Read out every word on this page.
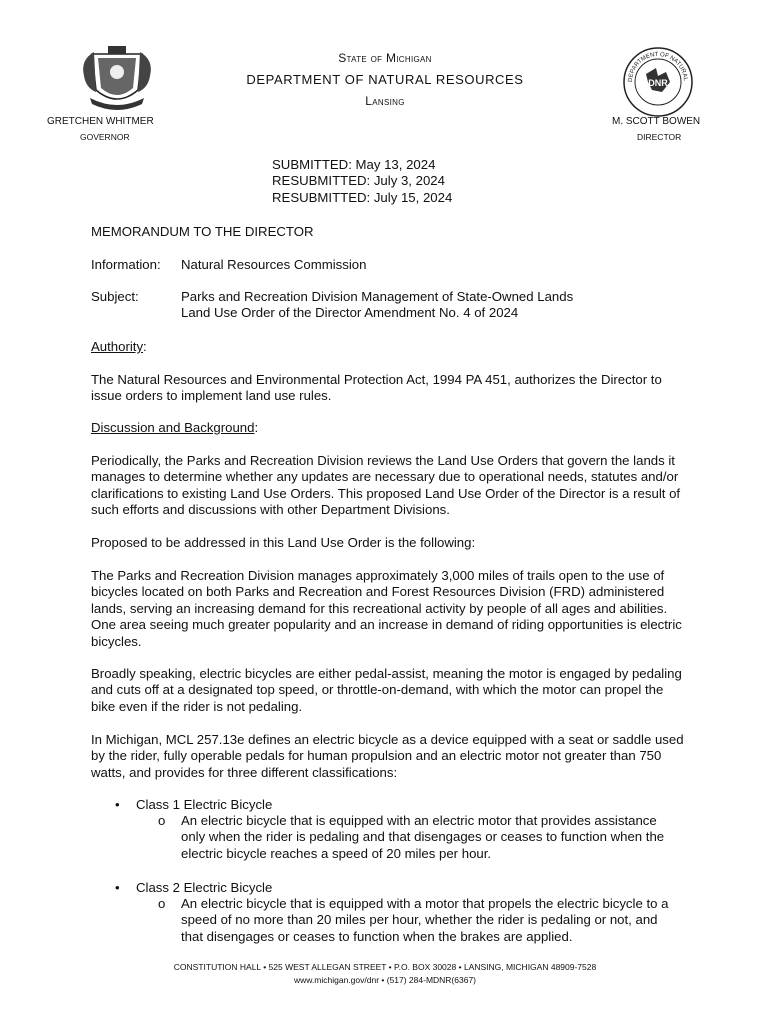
DEPARTMENT OF NATURAL
DNR
State of Michigan
DEPARTMENT OF NATURAL RESOURCES
Lansing
GRETCHEN WHITMER
GOVERNOR
M. SCOTT BOWEN
DIRECTOR
SUBMITTED: May 13, 2024
RESUBMITTED: July 3, 2024
RESUBMITTED: July 15, 2024
MEMORANDUM TO THE DIRECTOR
Information: Natural Resources Commission
Subject:	Parks and Recreation Division Management of State-Owned Lands
Land Use Order of the Director Amendment No. 4 of 2024
Authority:
The Natural Resources and Environmental Protection Act, 1994 PA 451, authorizes the Director to issue orders to implement land use rules.
Discussion and Background:
Periodically, the Parks and Recreation Division reviews the Land Use Orders that govern the lands it manages to determine whether any updates are necessary due to operational needs, statutes and/or clarifications to existing Land Use Orders. This proposed Land Use Order of the Director is a result of such efforts and discussions with other Department Divisions.
Proposed to be addressed in this Land Use Order is the following:
The Parks and Recreation Division manages approximately 3,000 miles of trails open to the use of bicycles located on both Parks and Recreation and Forest Resources Division (FRD) administered lands, serving an increasing demand for this recreational activity by people of all ages and abilities. One area seeing much greater popularity and an increase in demand of riding opportunities is electric bicycles.
Broadly speaking, electric bicycles are either pedal-assist, meaning the motor is engaged by pedaling and cuts off at a designated top speed, or throttle-on-demand, with which the motor can propel the bike even if the rider is not pedaling.
In Michigan, MCL 257.13e defines an electric bicycle as a device equipped with a seat or saddle used by the rider, fully operable pedals for human propulsion and an electric motor not greater than 750 watts, and provides for three different classifications:
• Class 1 Electric Bicycle
o An electric bicycle that is equipped with an electric motor that provides assistance only when the rider is pedaling and that disengages or ceases to function when the electric bicycle reaches a speed of 20 miles per hour.
• Class 2 Electric Bicycle
o An electric bicycle that is equipped with a motor that propels the electric bicycle to a speed of no more than 20 miles per hour, whether the rider is pedaling or not, and that disengages or ceases to function when the brakes are applied.
CONSTITUTION HALL • 525 WEST ALLEGAN STREET • P.O. BOX 30028 • LANSING, MICHIGAN 48909-7528
www.michigan.gov/dnr • (517) 284-MDNR(6367)
